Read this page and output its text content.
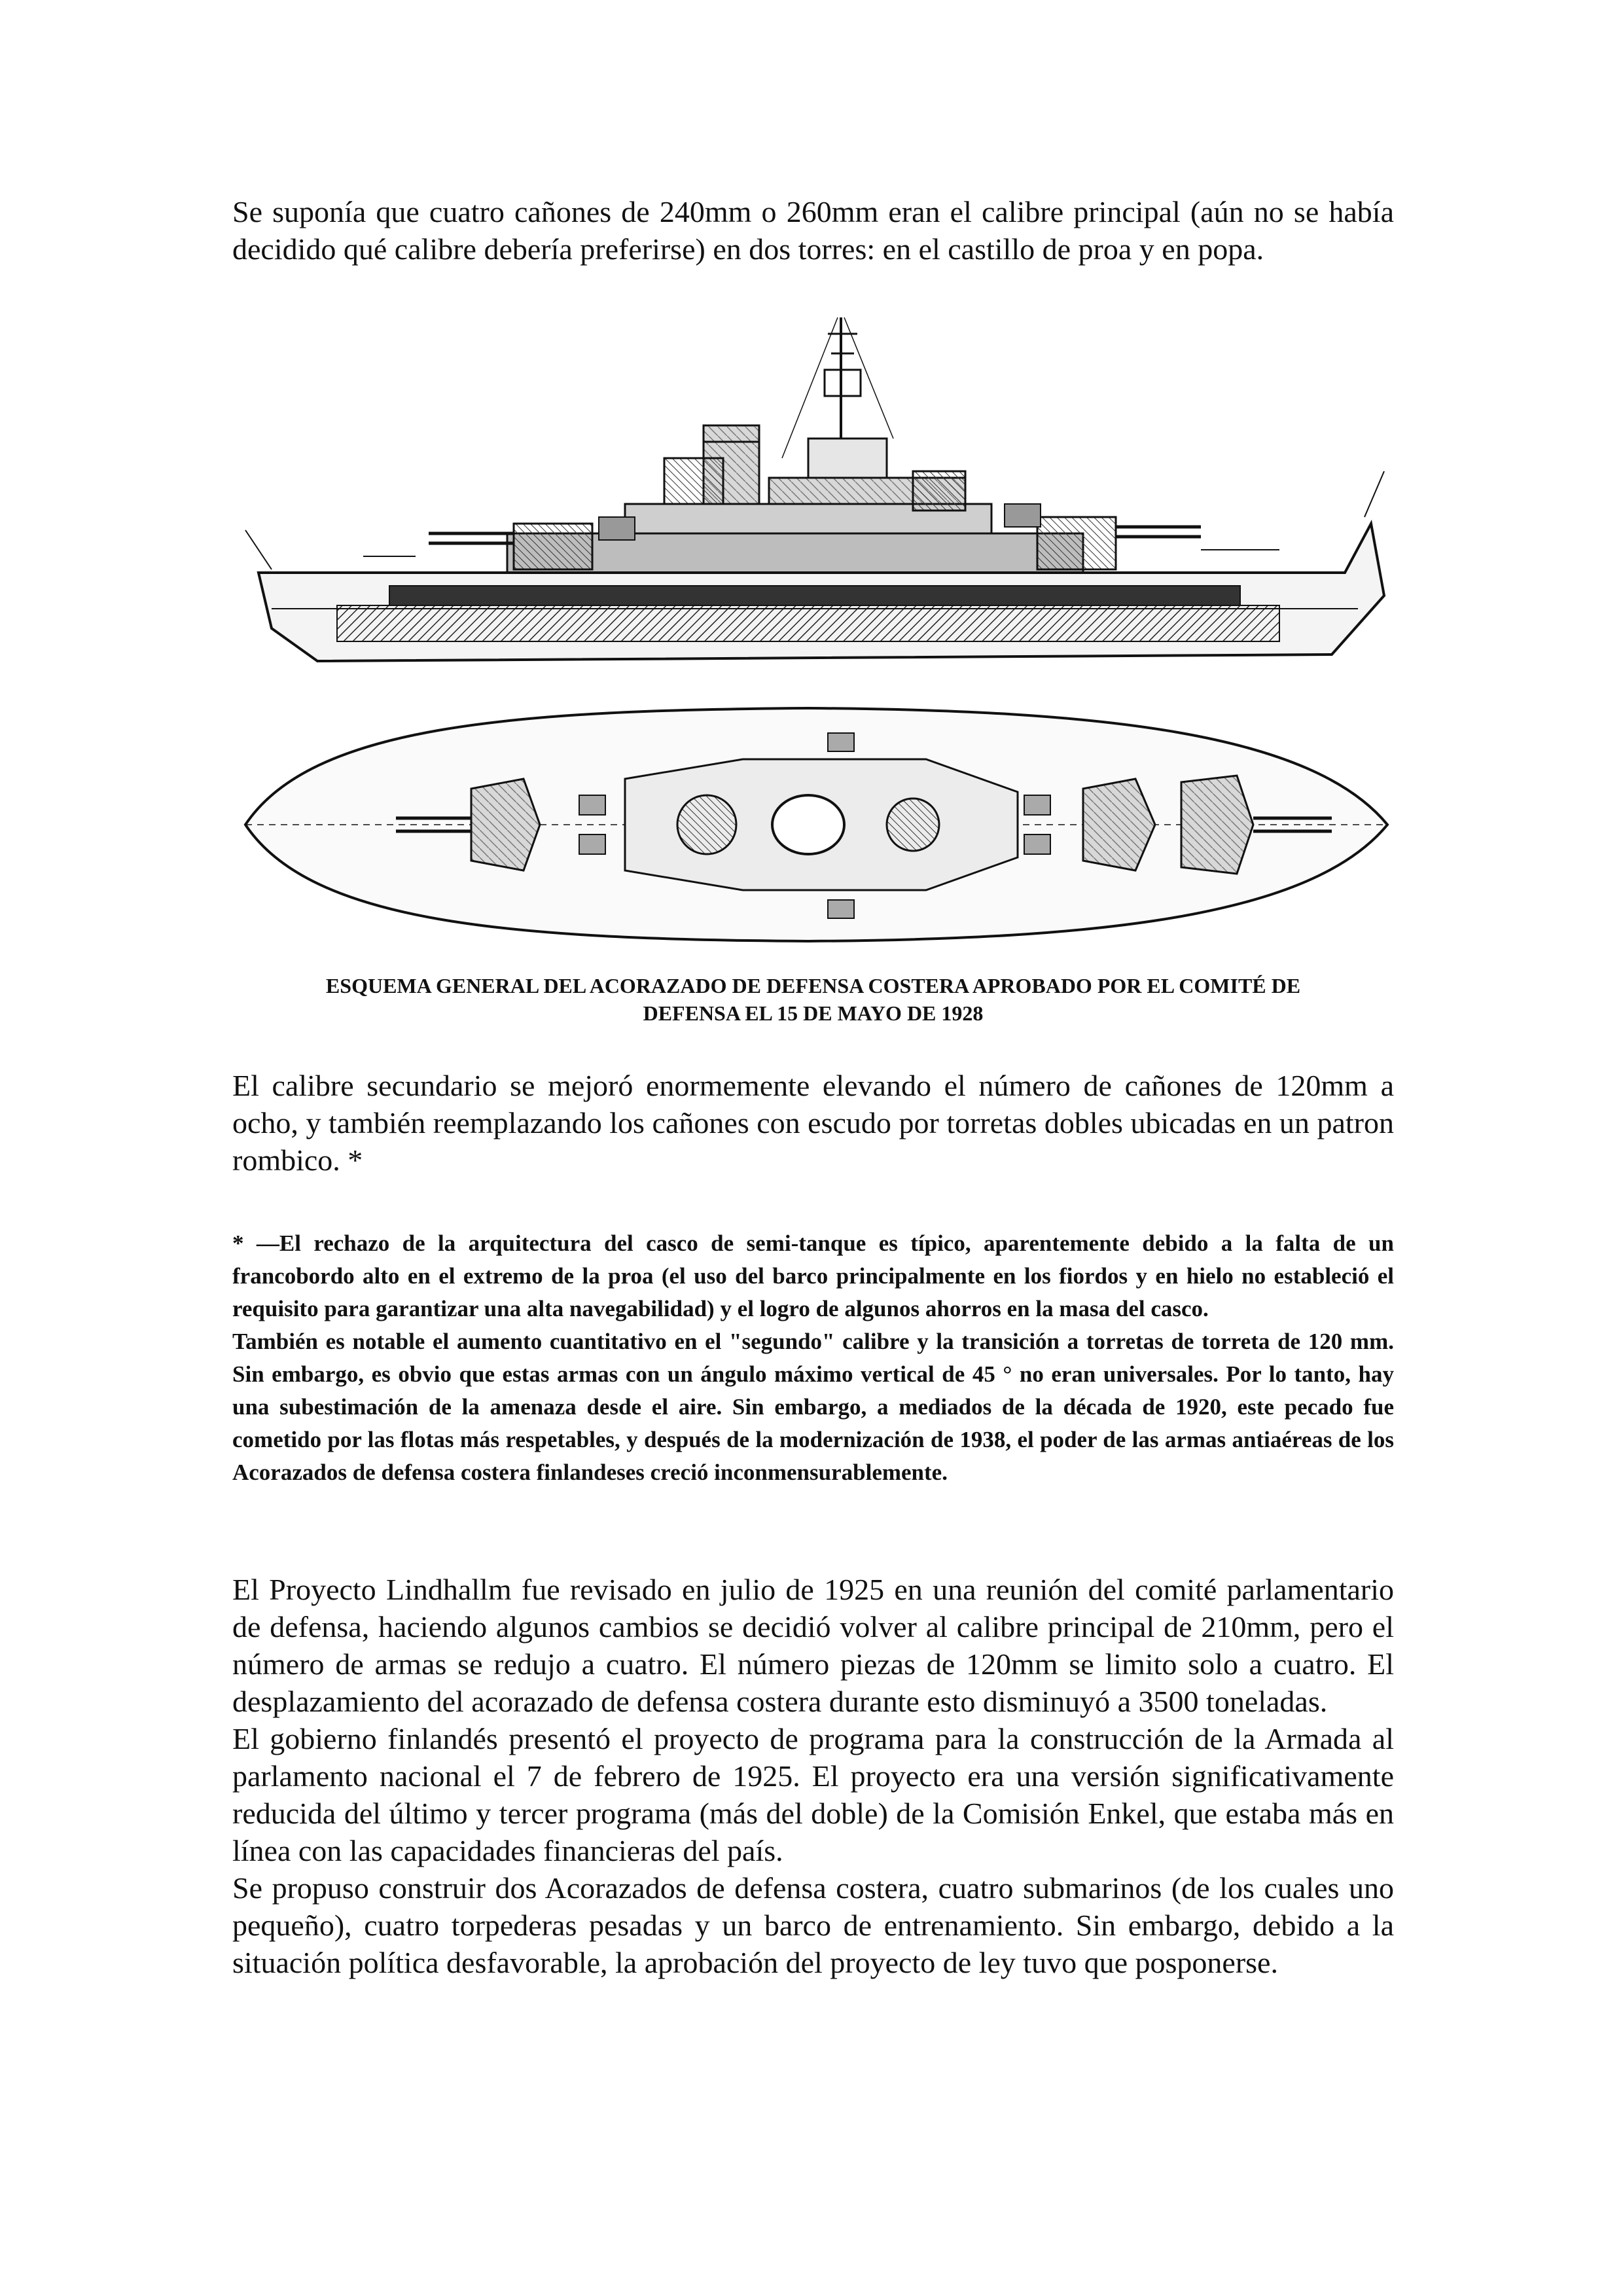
Se suponía que cuatro cañones de 240mm o 260mm eran el calibre principal (aún no se había decidido qué calibre debería preferirse) en dos torres: en el castillo de proa y en popa.

ESQUEMA GENERAL DEL ACORAZADO DE DEFENSA COSTERA APROBADO POR EL COMITÉ DE
DEFENSA EL 15 DE MAYO DE 1928

El calibre secundario se mejoró enormemente elevando el número de cañones de 120mm a ocho, y también reemplazando los cañones con escudo por torretas dobles ubicadas en un patron rombico. *

* —El rechazo de la arquitectura del casco de semi-tanque es típico, aparentemente debido a la falta de un francobordo alto en el extremo de la proa (el uso del barco principalmente en los fiordos y en hielo no estableció el requisito para garantizar una alta navegabilidad) y el logro de algunos ahorros en la masa del casco.

También es notable el aumento cuantitativo en el "segundo" calibre y la transición a torretas de torreta de 120 mm. Sin embargo, es obvio que estas armas con un ángulo máximo vertical de 45 ° no eran universales. Por lo tanto, hay una subestimación de la amenaza desde el aire. Sin embargo, a mediados de la década de 1920, este pecado fue cometido por las flotas más respetables, y después de la modernización de 1938, el poder de las armas antiaéreas de los Acorazados de defensa costera finlandeses creció inconmensurablemente.

El Proyecto Lindhallm fue revisado en julio de 1925 en una reunión del comité parlamentario de defensa, haciendo algunos cambios se decidió volver al calibre principal de 210mm, pero el número de armas se redujo a cuatro. El número piezas de 120mm se limito solo a cuatro. El desplazamiento del acorazado de defensa costera durante esto disminuyó a 3500 toneladas.

El gobierno finlandés presentó el proyecto de programa para la construcción de la Armada al parlamento nacional el 7 de febrero de 1925. El proyecto era una versión significativamente reducida del último y tercer programa (más del doble) de la Comisión Enkel, que estaba más en línea con las capacidades financieras del país.

Se propuso construir dos Acorazados de defensa costera, cuatro submarinos (de los cuales uno pequeño), cuatro torpederas pesadas y un barco de entrenamiento. Sin embargo, debido a la situación política desfavorable, la aprobación del proyecto de ley tuvo que posponerse.
